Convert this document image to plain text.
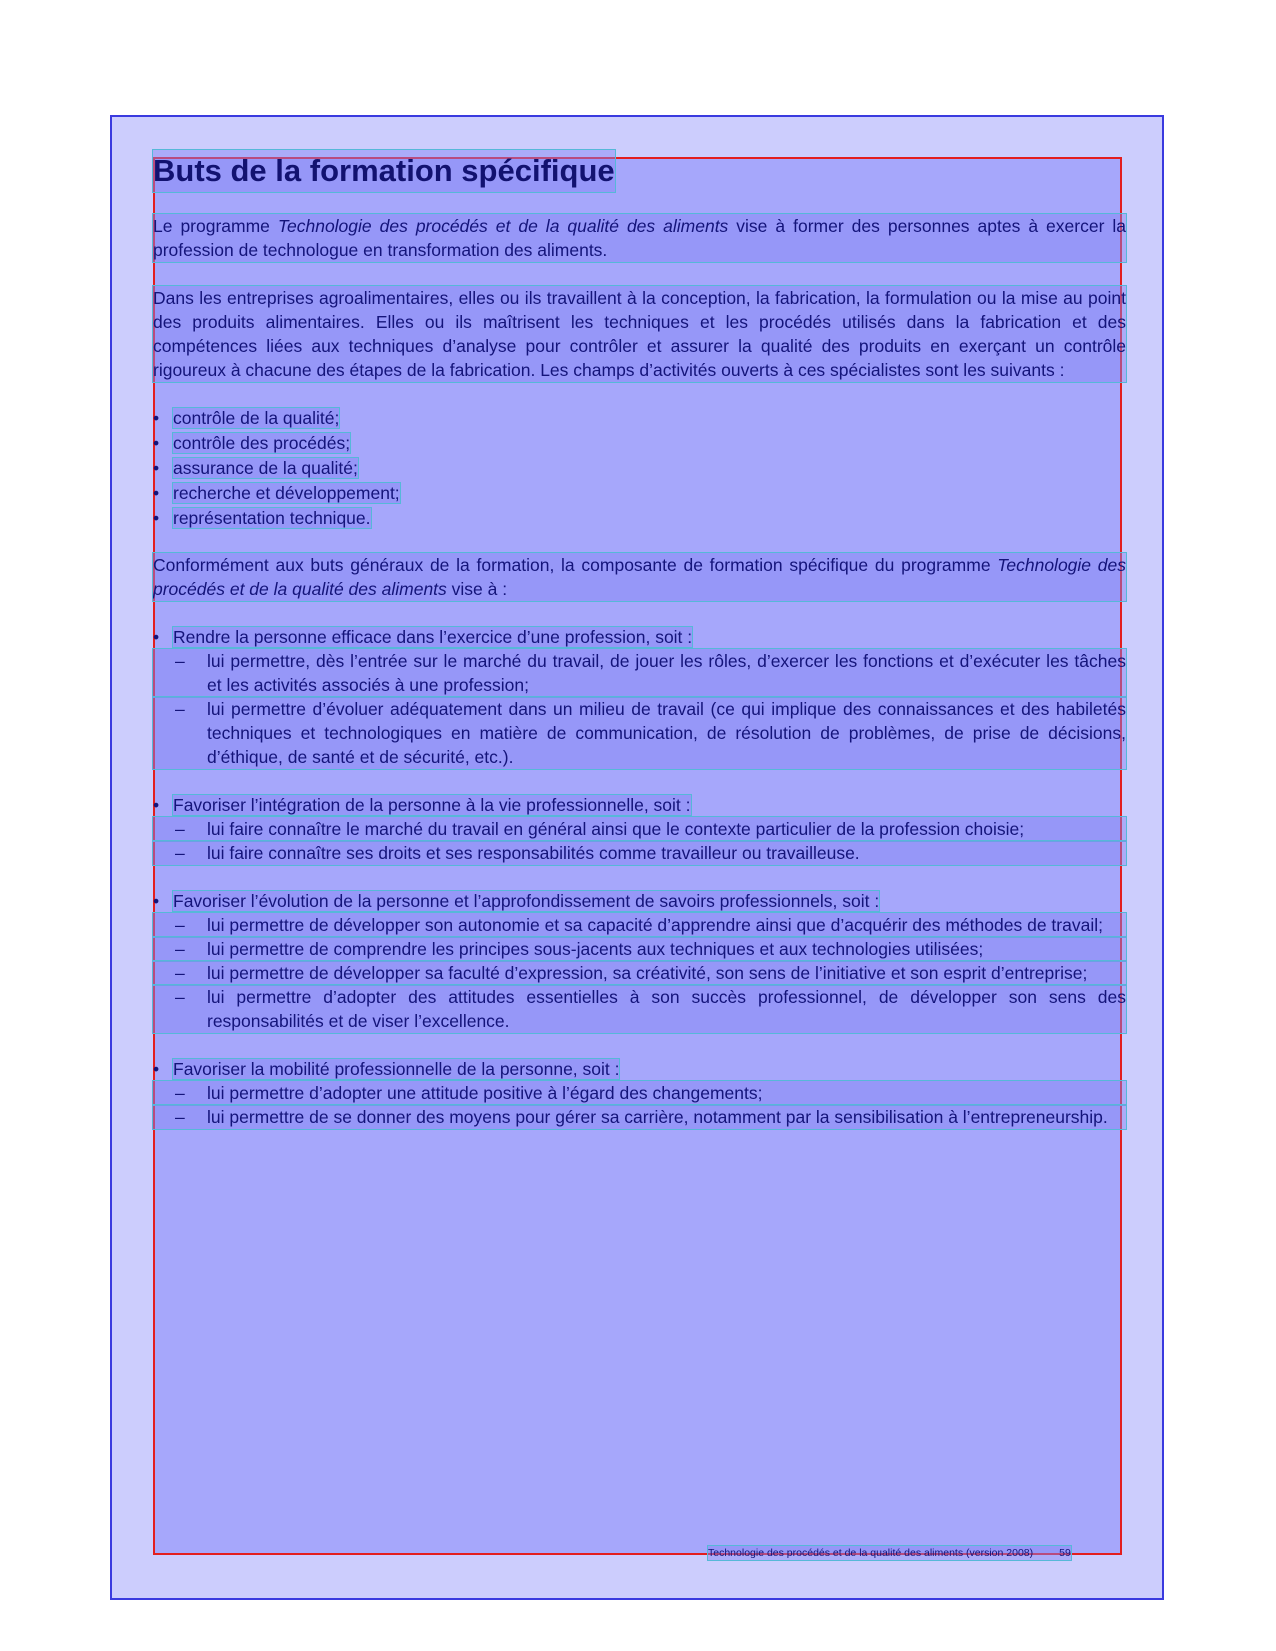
Buts de la formation spécifique

Le programme Technologie des procédés et de la qualité des aliments vise à former des personnes aptes à exercer la profession de technologue en transformation des aliments.

Dans les entreprises agroalimentaires, elles ou ils travaillent à la conception, la fabrication, la formulation ou la mise au point des produits alimentaires. Elles ou ils maîtrisent les techniques et les procédés utilisés dans la fabrication et des compétences liées aux techniques d’analyse pour contrôler et assurer la qualité des produits en exerçant un contrôle rigoureux à chacune des étapes de la fabrication. Les champs d’activités ouverts à ces spécialistes sont les suivants :

• contrôle de la qualité;
• contrôle des procédés;
• assurance de la qualité;
• recherche et développement;
• représentation technique.

Conformément aux buts généraux de la formation, la composante de formation spécifique du programme Technologie des procédés et de la qualité des aliments vise à :

• Rendre la personne efficace dans l’exercice d’une profession, soit :
– lui permettre, dès l’entrée sur le marché du travail, de jouer les rôles, d’exercer les fonctions et d’exécuter les tâches et les activités associés à une profession;
– lui permettre d’évoluer adéquatement dans un milieu de travail (ce qui implique des connaissances et des habiletés techniques et technologiques en matière de communication, de résolution de problèmes, de prise de décisions, d’éthique, de santé et de sécurité, etc.).
• Favoriser l’intégration de la personne à la vie professionnelle, soit :
– lui faire connaître le marché du travail en général ainsi que le contexte particulier de la profession choisie;
– lui faire connaître ses droits et ses responsabilités comme travailleur ou travailleuse.
• Favoriser l’évolution de la personne et l’approfondissement de savoirs professionnels, soit :
– lui permettre de développer son autonomie et sa capacité d’apprendre ainsi que d’acquérir des méthodes de travail;
– lui permettre de comprendre les principes sous-jacents aux techniques et aux technologies utilisées;
– lui permettre de développer sa faculté d’expression, sa créativité, son sens de l’initiative et son esprit d’entreprise;
– lui permettre d’adopter des attitudes essentielles à son succès professionnel, de développer son sens des responsabilités et de viser l’excellence.
• Favoriser la mobilité professionnelle de la personne, soit :
– lui permettre d’adopter une attitude positive à l’égard des changements;
– lui permettre de se donner des moyens pour gérer sa carrière, notamment par la sensibilisation à l’entrepreneurship.
Technologie des procédés et de la qualité des aliments (version 2008) 59
